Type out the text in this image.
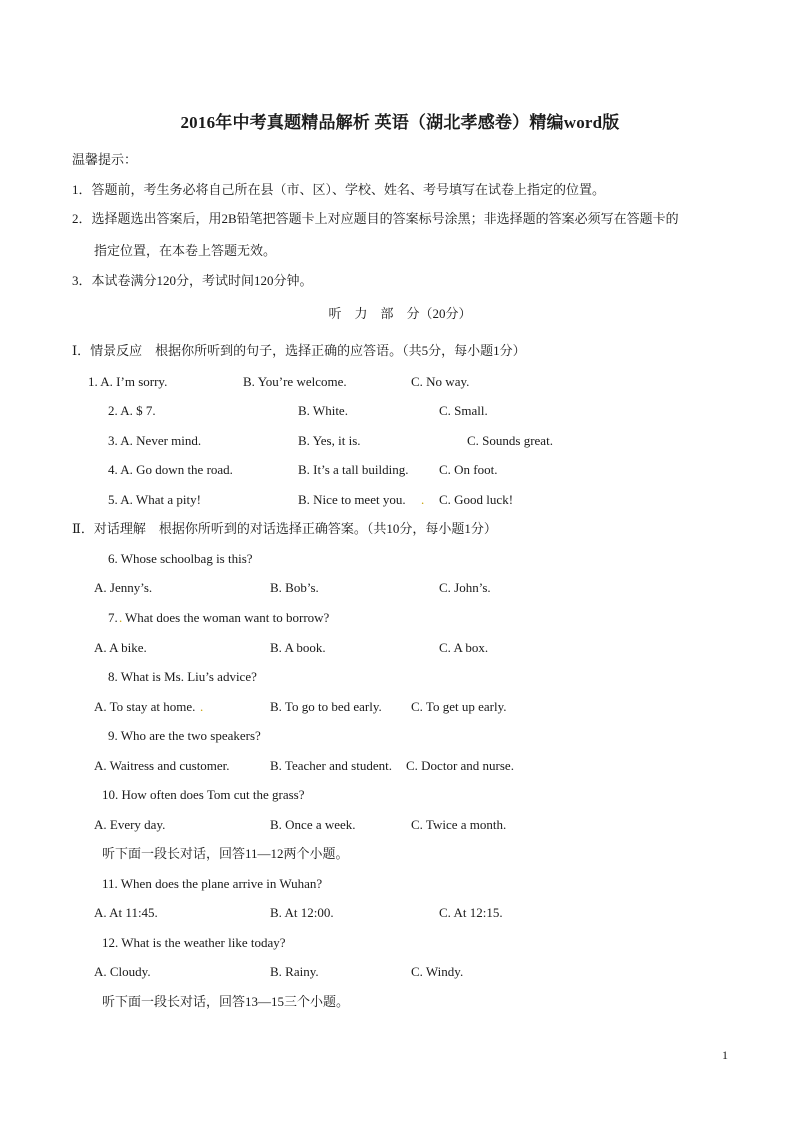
2016年中考真题精品解析 英语（湖北孝感卷）精编word版
温馨提示：
1．答题前，考生务必将自己所在县（市、区）、学校、姓名、考号填写在试卷上指定的位置。
2．选择题选出答案后，用2B铅笔把答题卡上对应题目的答案标号涂黑；非选择题的答案必须写在答题卡的
指定位置，在本卷上答题无效。
3．本试卷满分120分，考试时间120分钟。
听　力　部　分（20分）
Ⅰ．情景反应　根据你所听到的句子，选择正确的应答语。（共5分，每小题1分）
1. A. I’m sorry.	B. You’re welcome.	C. No way.
2. A. $ 7.	B. White.	C. Small.
3. A. Never mind.	B. Yes, it is.	C. Sounds great.
4. A. Go down the road.	B. It’s a tall building. C. On foot.
5. A. What a pity!	B. Nice to meet you. . C. Good luck!
Ⅱ．对话理解　根据你所听到的对话选择正确答案。（共10分，每小题1分）
6. Whose schoolbag is this?
A. Jenny’s.	B. Bob’s.	C. John’s.
7. . What does the woman want to borrow?
A. A bike.	B. A book.	C. A box.
8. What is Ms. Liu’s advice?
A. To stay at home. .	B. To go to bed early. C. To get up early.
9. Who are the two speakers?
A. Waitress and customer.	B. Teacher and student. C. Doctor and nurse.
10. How often does Tom cut the grass?
A. Every day.	B. Once a week.	C. Twice a month.
听下面一段长对话，回答11—12两个小题。
11. When does the plane arrive in Wuhan?
A. At 11:45.	B. At 12:00.	C. At 12:15.
12. What is the weather like today?
A. Cloudy.	B. Rainy.	C. Windy.
听下面一段长对话，回答13—15三个小题。
1
